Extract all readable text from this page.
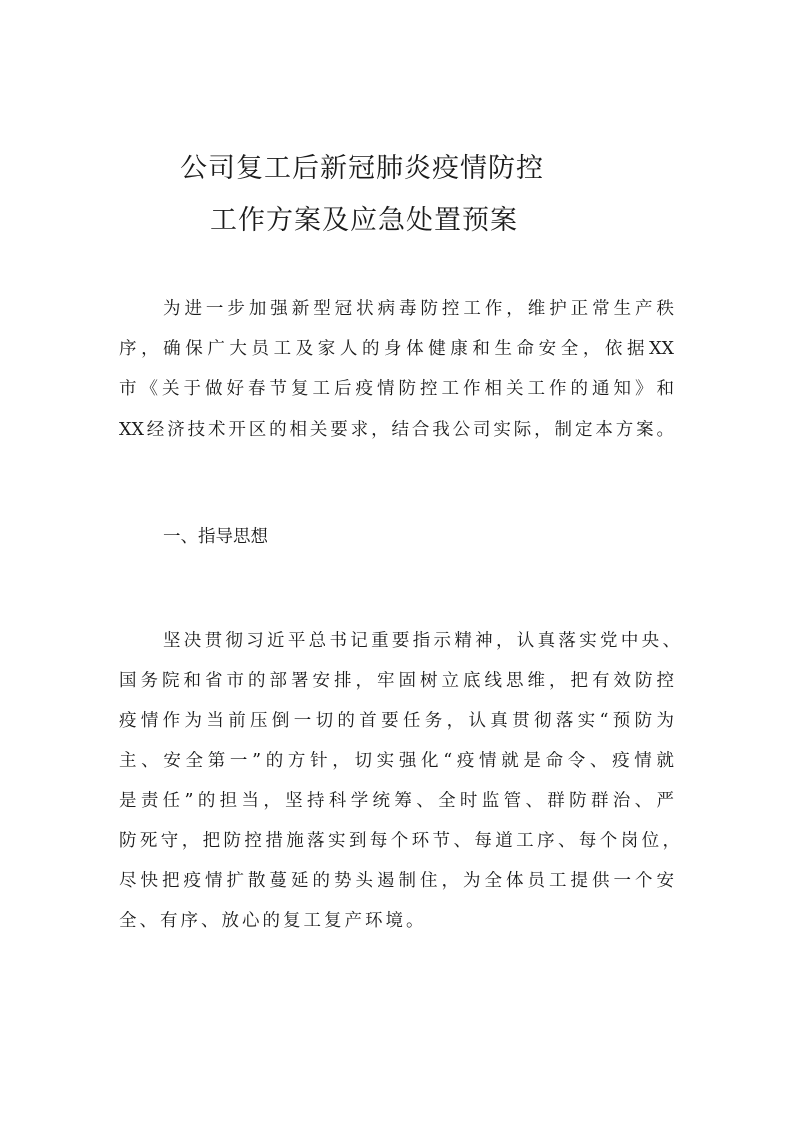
公司复工后新冠肺炎疫情防控
工作方案及应急处置预案
为进一步加强新型冠状病毒防控工作，维护正常生产秩
序，确保广大员工及家人的身体健康和生命安全，依据XX
市《关于做好春节复工后疫情防控工作相关工作的通知》和
XX经济技术开区的相关要求，结合我公司实际，制定本方案。
一、指导思想
坚决贯彻习近平总书记重要指示精神，认真落实党中央、
国务院和省市的部署安排，牢固树立底线思维，把有效防控
疫情作为当前压倒一切的首要任务，认真贯彻落实“预防为
主、安全第一”的方针，切实强化“疫情就是命令、疫情就
是责任”的担当，坚持科学统筹、全时监管、群防群治、严
防死守，把防控措施落实到每个环节、每道工序、每个岗位，
尽快把疫情扩散蔓延的势头遏制住，为全体员工提供一个安
全、有序、放心的复工复产环境。
